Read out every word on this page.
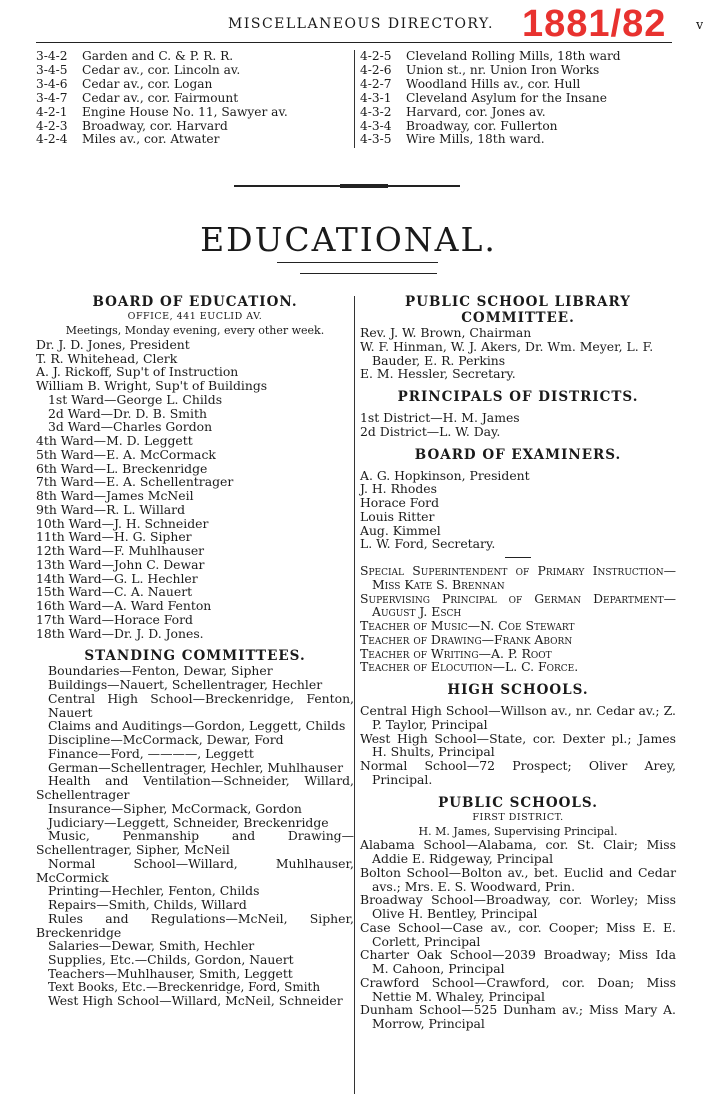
MISCELLANEOUS DIRECTORY. 1881/82 v
3-4-2 Garden and C. & P. R. R.
3-4-5 Cedar av., cor. Lincoln av.
3-4-6 Cedar av., cor. Logan
3-4-7 Cedar av., cor. Fairmount
4-2-1 Engine House No. 11, Sawyer av.
4-2-3 Broadway, cor. Harvard
4-2-4 Miles av., cor. Atwater
4-2-5 Cleveland Rolling Mills, 18th ward
4-2-6 Union st., nr. Union Iron Works
4-2-7 Woodland Hills av., cor. Hull
4-3-1 Cleveland Asylum for the Insane
4-3-2 Harvard, cor. Jones av.
4-3-4 Broadway, cor. Fullerton
4-3-5 Wire Mills, 18th ward.
EDUCATIONAL.
BOARD OF EDUCATION.
OFFICE, 441 EUCLID AV.
Meetings, Monday evening, every other week.
Dr. J. D. Jones, President
T. R. Whitehead, Clerk
A. J. Rickoff, Sup't of Instruction
William B. Wright, Sup't of Buildings
1st Ward—George L. Childs
2d Ward—Dr. D. B. Smith
3d Ward—Charles Gordon
4th Ward—M. D. Leggett
5th Ward—E. A. McCormack
6th Ward—L. Breckenridge
7th Ward—E. A. Schellentrager
8th Ward—James McNeil
9th Ward—R. L. Willard
10th Ward—J. H. Schneider
11th Ward—H. G. Sipher
12th Ward—F. Muhlhauser
13th Ward—John C. Dewar
14th Ward—G. L. Hechler
15th Ward—C. A. Nauert
16th Ward—A. Ward Fenton
17th Ward—Horace Ford
18th Ward—Dr. J. D. Jones.
STANDING COMMITTEES.
Boundaries—Fenton, Dewar, Sipher
Buildings—Nauert, Schellentrager, Hechler
Central High School—Breckenridge, Fenton, Nauert
Claims and Auditings—Gordon, Leggett, Childs
Discipline—McCormack, Dewar, Ford
Finance—Ford, ————, Leggett
German—Schellentrager, Hechler, Muhlhauser
Health and Ventilation—Schneider, Willard, Schellentrager
Insurance—Sipher, McCormack, Gordon
Judiciary—Leggett, Schneider, Breckenridge
Music, Penmanship and Drawing—Schellentrager, Sipher, McNeil
Normal School—Willard, Muhlhauser, McCormick
Printing—Hechler, Fenton, Childs
Repairs—Smith, Childs, Willard
Rules and Regulations—McNeil, Sipher, Breckenridge
Salaries—Dewar, Smith, Hechler
Supplies, Etc.—Childs, Gordon, Nauert
Teachers—Muhlhauser, Smith, Leggett
Text Books, Etc.—Breckenridge, Ford, Smith
West High School—Willard, McNeil, Schneider
PUBLIC SCHOOL LIBRARY COMMITTEE.
Rev. J. W. Brown, Chairman
W. F. Hinman, W. J. Akers, Dr. Wm. Meyer, L. F. Bauder, E. R. Perkins
E. M. Hessler, Secretary.
PRINCIPALS OF DISTRICTS.
1st District—H. M. James
2d District—L. W. Day.
BOARD OF EXAMINERS.
A. G. Hopkinson, President
J. H. Rhodes
Horace Ford
Louis Ritter
Aug. Kimmel
L. W. Ford, Secretary.
Special Superintendent of Primary Instruction—Miss Kate S. Brennan
Supervising Principal of German Department—August J. Esch
Teacher of Music—N. Coe Stewart
Teacher of Drawing—Frank Aborn
Teacher of Writing—A. P. Root
Teacher of Elocution—L. C. Force.
HIGH SCHOOLS.
Central High School—Willson av., nr. Cedar av.; Z. P. Taylor, Principal
West High School—State, cor. Dexter pl.; James H. Shults, Principal
Normal School—72 Prospect; Oliver Arey, Principal.
PUBLIC SCHOOLS.
FIRST DISTRICT.
H. M. James, Supervising Principal.
Alabama School—Alabama, cor. St. Clair; Miss Addie E. Ridgeway, Principal
Bolton School—Bolton av., bet. Euclid and Cedar avs.; Mrs. E. S. Woodward, Prin.
Broadway School—Broadway, cor. Worley; Miss Olive H. Bentley, Principal
Case School—Case av., cor. Cooper; Miss E. E. Corlett, Principal
Charter Oak School—2039 Broadway; Miss Ida M. Cahoon, Principal
Crawford School—Crawford, cor. Doan; Miss Nettie M. Whaley, Principal
Dunham School—525 Dunham av.; Miss Mary A. Morrow, Principal
